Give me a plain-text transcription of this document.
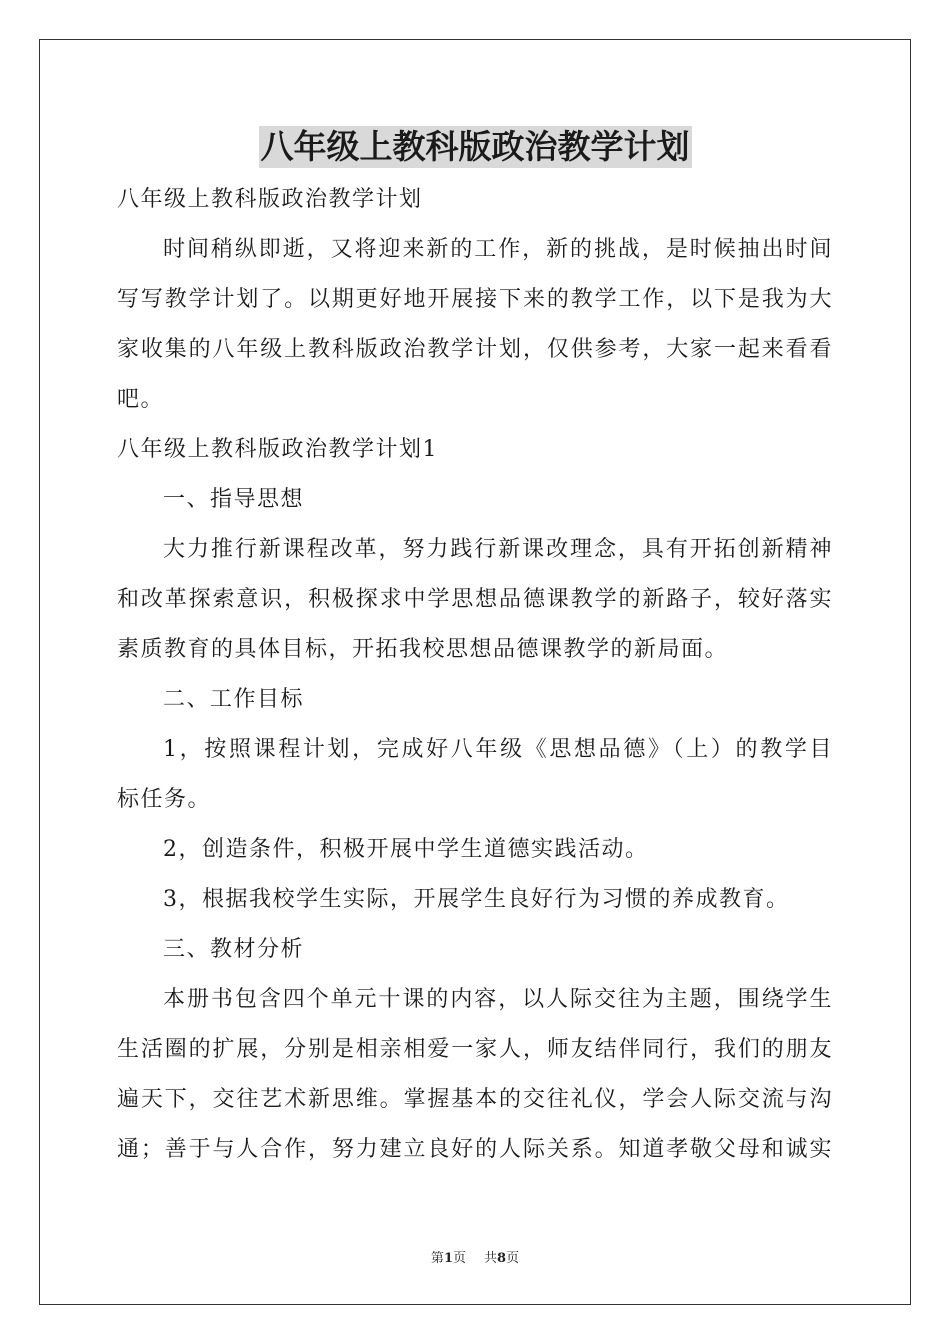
八年级上教科版政治教学计划
八年级上教科版政治教学计划
时间稍纵即逝，又将迎来新的工作，新的挑战，是时候抽出时间
写写教学计划了。以期更好地开展接下来的教学工作，以下是我为大
家收集的八年级上教科版政治教学计划，仅供参考，大家一起来看看
吧。
八年级上教科版政治教学计划1
一、指导思想
大力推行新课程改革，努力践行新课改理念，具有开拓创新精神
和改革探索意识，积极探求中学思想品德课教学的新路子，较好落实
素质教育的具体目标，开拓我校思想品德课教学的新局面。
二、工作目标
1，按照课程计划，完成好八年级《思想品德》（上）的教学目
标任务。
2，创造条件，积极开展中学生道德实践活动。
3，根据我校学生实际，开展学生良好行为习惯的养成教育。
三、教材分析
本册书包含四个单元十课的内容，以人际交往为主题，围绕学生
生活圈的扩展，分别是相亲相爱一家人，师友结伴同行，我们的朋友
遍天下，交往艺术新思维。掌握基本的交往礼仪，学会人际交流与沟
通；善于与人合作，努力建立良好的人际关系。知道孝敬父母和诚实
第1页 共8页
